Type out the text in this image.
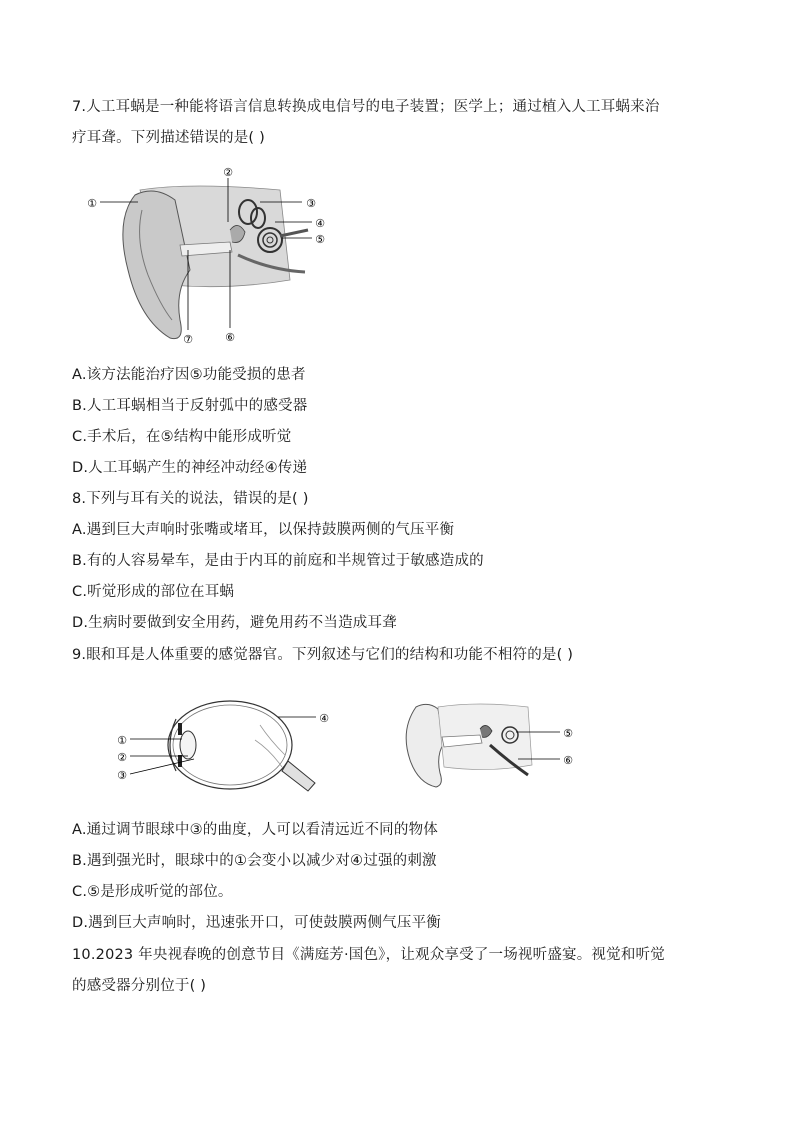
7.人工耳蜗是一种能将语言信息转换成电信号的电子装置；医学上；通过植入人工耳蜗来治
疗耳聋。下列描述错误的是( )
①
②
③
④
⑤
⑥
⑦
A.该方法能治疗因⑤功能受损的患者
B.人工耳蜗相当于反射弧中的感受器
C.手术后，在⑤结构中能形成听觉
D.人工耳蜗产生的神经冲动经④传递
8.下列与耳有关的说法，错误的是( )
A.遇到巨大声响时张嘴或堵耳，以保持鼓膜两侧的气压平衡
B.有的人容易晕车，是由于内耳的前庭和半规管过于敏感造成的
C.听觉形成的部位在耳蜗
D.生病时要做到安全用药，避免用药不当造成耳聋
9.眼和耳是人体重要的感觉器官。下列叙述与它们的结构和功能不相符的是( )
①
②
③
④
⑤
⑥
A.通过调节眼球中③的曲度，人可以看清远近不同的物体
B.遇到强光时，眼球中的①会变小以减少对④过强的刺激
C.⑤是形成听觉的部位。
D.遇到巨大声响时，迅速张开口，可使鼓膜两侧气压平衡
10.2023 年央视春晚的创意节目《满庭芳·国色》，让观众享受了一场视听盛宴。视觉和听觉
的感受器分别位于( )
